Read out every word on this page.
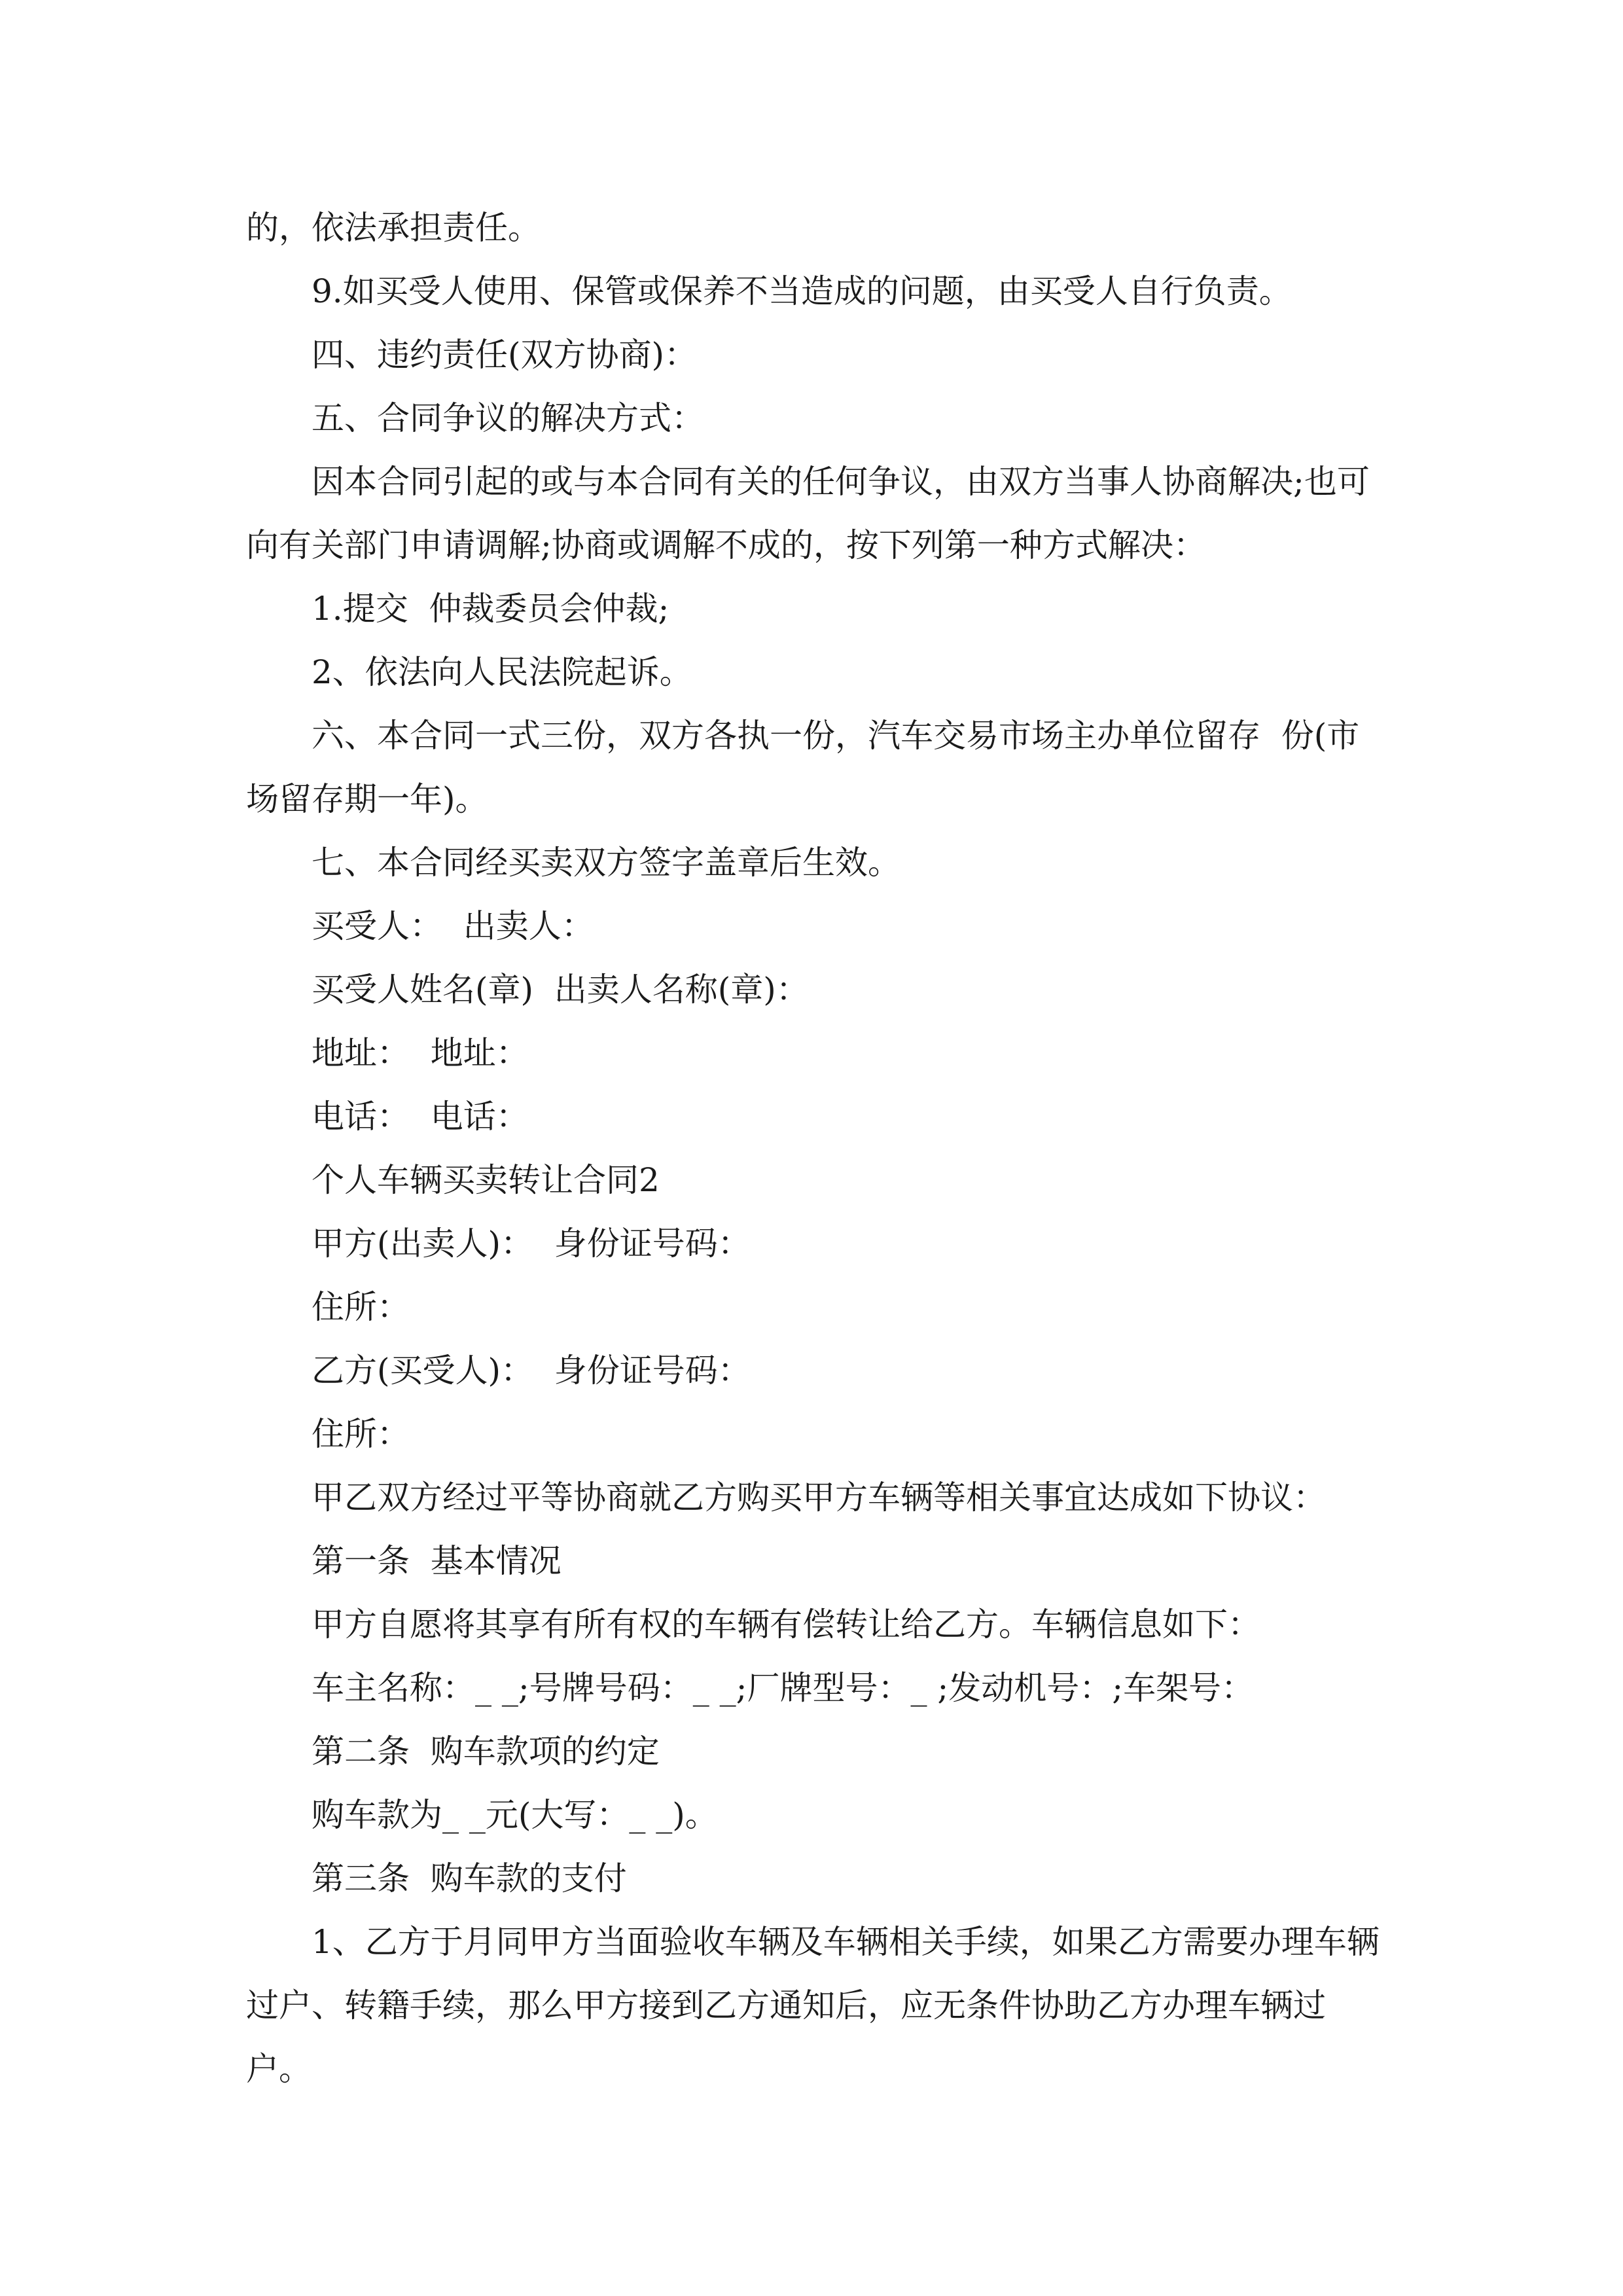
的，依法承担责任。

9.如买受人使用、保管或保养不当造成的问题，由买受人自行负责。

四、违约责任(双方协商)：

五、合同争议的解决方式：

因本合同引起的或与本合同有关的任何争议，由双方当事人协商解决;也可向有关部门申请调解;协商或调解不成的，按下列第一种方式解决：

1.提交  仲裁委员会仲裁;

2、依法向人民法院起诉。

六、本合同一式三份，双方各执一份，汽车交易市场主办单位留存  份(市场留存期一年)。

七、本合同经买卖双方签字盖章后生效。

买受人：  出卖人：

买受人姓名(章)  出卖人名称(章)：

地址：  地址：

电话：  电话：

个人车辆买卖转让合同2

甲方(出卖人)：  身份证号码：

住所：

乙方(买受人)：  身份证号码：

住所：

甲乙双方经过平等协商就乙方购买甲方车辆等相关事宜达成如下协议：

第一条  基本情况

甲方自愿将其享有所有权的车辆有偿转让给乙方。车辆信息如下：

车主名称：_ _;号牌号码：_ _;厂牌型号：_ ;发动机号：;车架号：

第二条  购车款项的约定

购车款为_ _元(大写：_ _)。

第三条  购车款的支付

1、乙方于月同甲方当面验收车辆及车辆相关手续，如果乙方需要办理车辆过户、转籍手续，那么甲方接到乙方通知后，应无条件协助乙方办理车辆过户。
